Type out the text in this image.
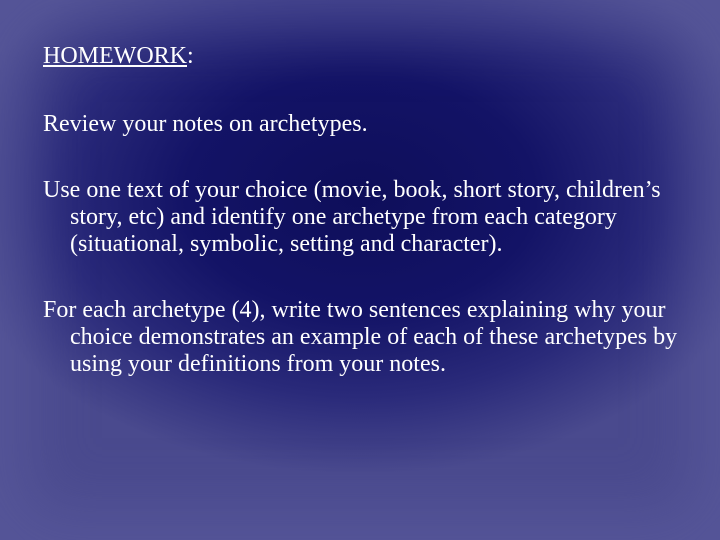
HOMEWORK:

Review your notes on archetypes.

Use one text of your choice (movie, book, short story, children’s story, etc) and identify one archetype from each category (situational, symbolic, setting and character).

For each archetype (4), write two sentences explaining why your choice demonstrates an example of each of these archetypes by using your definitions from your notes.
